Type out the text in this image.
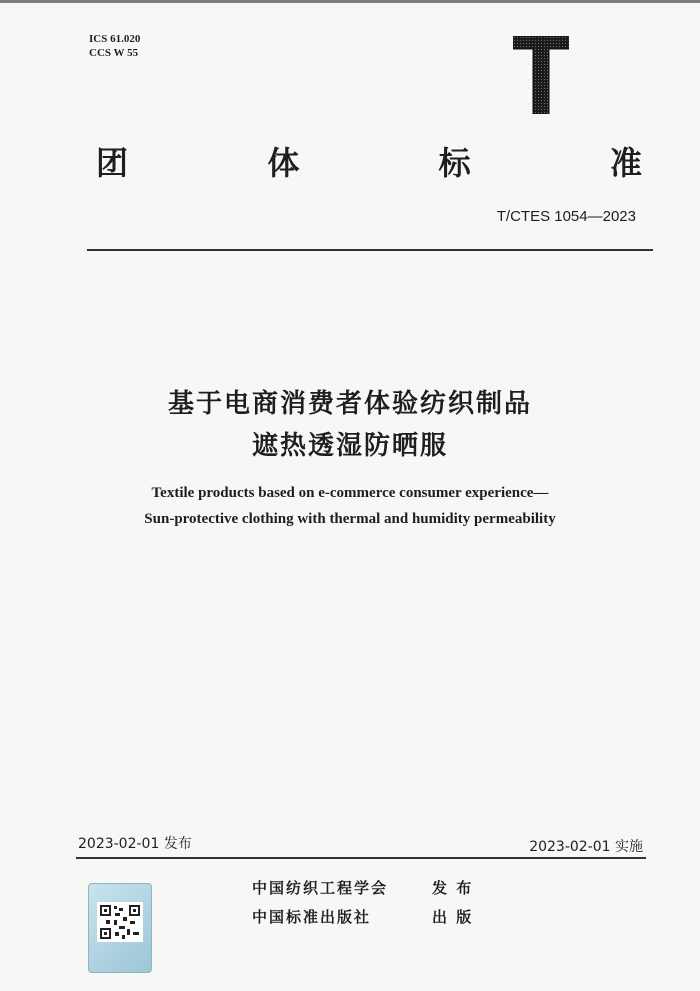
ICS 61.020
CCS W 55
团	体	标	准
T/CTES 1054—2023
基于电商消费者体验纺织制品
遮热透湿防晒服
Textile products based on e-commerce consumer experience—
Sun-protective clothing with thermal and humidity permeability
2023-02-01 发布	2023-02-01 实施
中国纺织工程学会	发 布
中国标准出版社	出 版
